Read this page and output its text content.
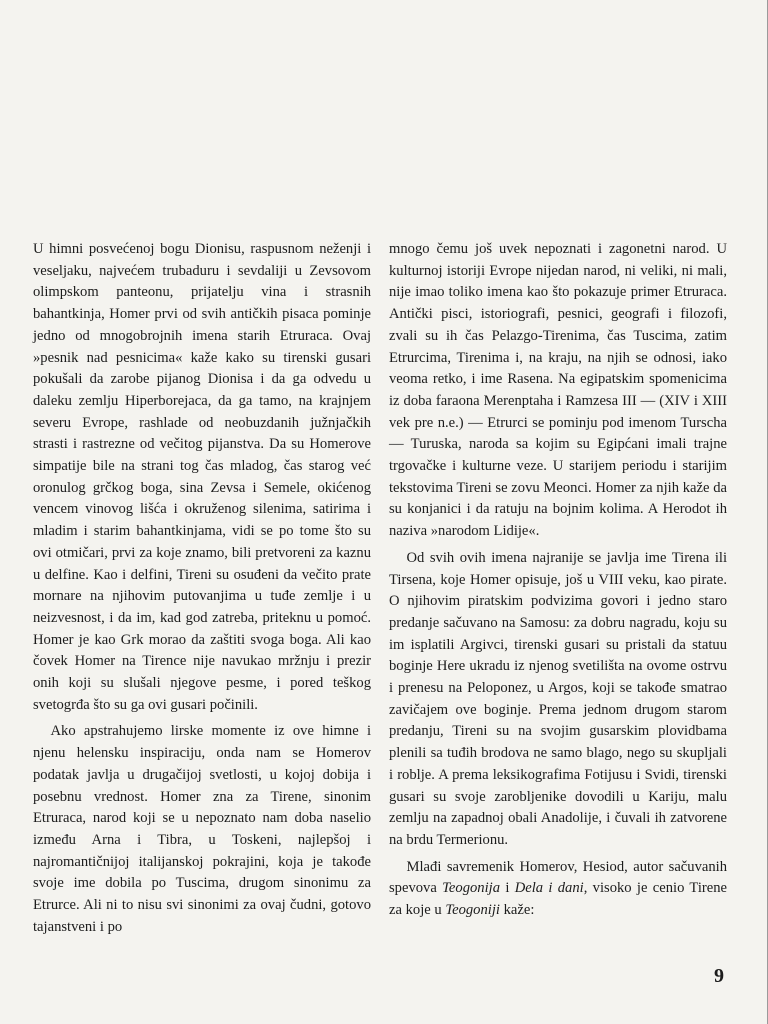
U himni posvećenoj bogu Dionisu, raspusnom neženji i veseljaku, najvećem trubaduru i sevdaliji u Zevsovom olimpskom panteonu, prijatelju vina i strasnih bahantkinja, Homer prvi od svih antičkih pisaca pominje jedno od mnogobrojnih imena starih Etruraca. Ovaj »pesnik nad pesnicima« kaže kako su tirenski gusari pokušali da zarobe pijanog Dionisa i da ga odvedu u daleku zemlju Hiperboreјaca, da ga tamo, na krajnjem severu Evrope, rashlade od neobuzdanih južnjačkih strasti i rastrezne od večitog pijanstva. Da su Homerove simpatije bile na strani tog čas mladog, čas starog već oronulog grčkog boga, sina Zevsa i Semele, okićenog vencem vinovog lišća i okruženog silenima, satirima i mladim i starim bahantkinjama, vidi se po tome što su ovi otmičari, prvi za koje znamo, bili pretvoreni za kaznu u delfine. Kao i delfini, Tireni su osuđeni da večito prate mornare na njihovim putovanjima u tuđe zemlje i u neizvesnost, i da im, kad god zatreba, priteknu u pomoć. Homer je kao Grk morao da zaštiti svoga boga. Ali kao čovek Homer na Tirence nije navukao mržnju i prezir onih koji su slušali njegove pesme, i pored teškog svetogrđa što su ga ovi gusari počinili.

Ako apstrahujemo lirske momente iz ove himne i njenu helensku inspiraciju, onda nam se Homerov podatak javlja u drugačijoj svetlosti, u kojoj dobija i posebnu vrednost. Homer zna za Tirene, sinonim Etruraca, narod koji se u nepoznato nam doba naselio između Arna i Tibra, u Toskeni, najlepšoj i najromantičnijoj italijanskoj pokrajini, koja je takođe svoje ime dobila po Tuscima, drugom sinonimu za Etrurce. Ali ni to nisu svi sinonimi za ovaj čudni, gotovo tajanstveni i po

mnogo čemu još uvek nepoznati i zagonetni narod. U kulturnoj istoriji Evrope nijedan narod, ni veliki, ni mali, nije imao toliko imena kao što pokazuje primer Etruraca. Antički pisci, istoriografi, pesnici, geografi i filozofi, zvali su ih čas Pelazgo-Tirenima, čas Tuscima, zatim Etrurcima, Tirenima i, na kraju, na njih se odnosi, iako veoma retko, i ime Rasena. Na egipatskim spomenicima iz doba faraona Merenptaha i Ramzesa III — (XIV i XIII vek pre n.e.) — Etrurci se pominju pod imenom Turscha — Turuska, naroda sa kojim su Egipćani imali trajne trgovačke i kulturne veze. U starijem periodu i starijim tekstovima Tireni se zovu Meonci. Homer za njih kaže da su konjanici i da ratuju na bojnim kolima. A Herodot ih naziva »narodom Lidije«.

Od svih ovih imena najranije se javlja ime Tirena ili Tirsena, koje Homer opisuje, još u VIII veku, kao pirate. O njihovim piratskim podvizima govori i jedno staro predanje sačuvano na Samosu: za dobru nagradu, koju su im isplatili Argivci, tirenski gusari su pristali da statuu boginje Here ukradu iz njenog svetilišta na ovome ostrvu i prenesu na Peloponez, u Argos, koji se takođe smatrao zavičajem ove boginje. Prema jednom drugom starom predanju, Tireni su na svojim gusarskim plovidbama plenili sa tuđih brodova ne samo blago, nego su skupljali i roblje. A prema leksikografima Fotijusu i Svidi, tirenski gusari su svoje zarobljenike dovodili u Kariju, malu zemlju na zapadnoj obali Anadolije, i čuvali ih zatvorene na brdu Termerionu.

Mlađi savremenik Homerov, Hesiod, autor sačuvanih spevova Teogonija i Dela i dani, visoko je cenio Tirene za koje u Teogoniji kaže:

9
